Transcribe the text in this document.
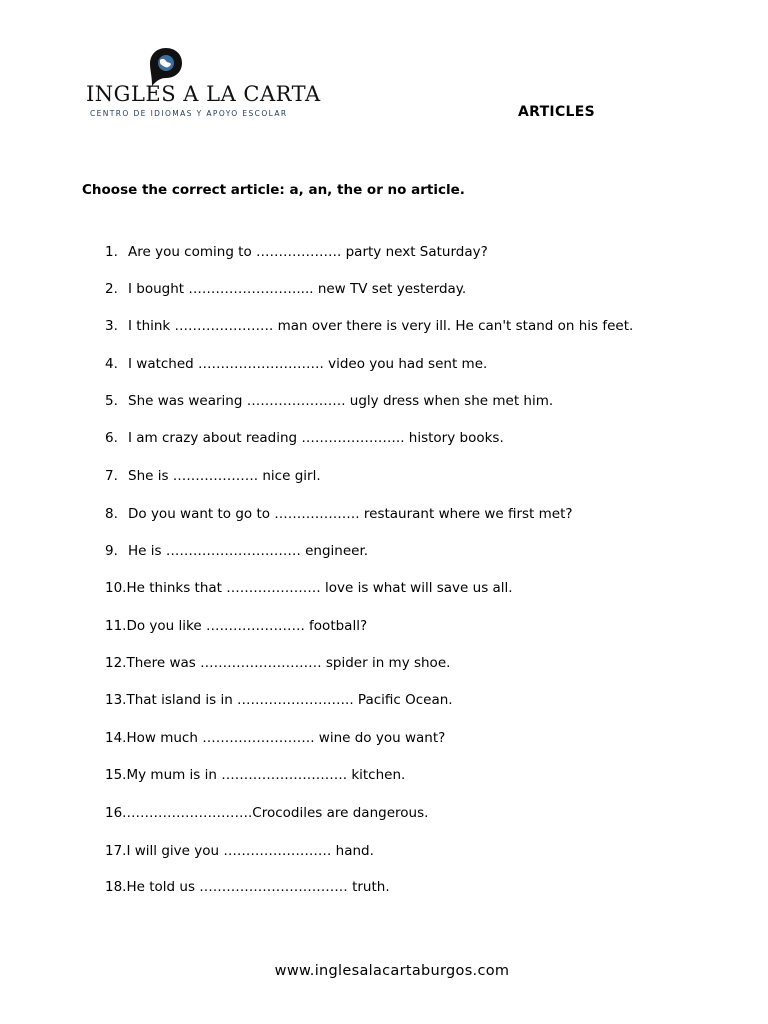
INGLES A LA CARTA
CENTRO DE IDIOMAS Y APOYO ESCOLAR	ARTICLES
Choose the correct article: a, an, the or no article.
1. Are you coming to ………………. party next Saturday?
2. I bought …………………….... new TV set yesterday.
3. I think …………………. man over there is very ill. He can't stand on his feet.
4. I watched ………………………. video you had sent me.
5. She was wearing …………………. ugly dress when she met him.
6. I am crazy about reading ………………….. history books.
7. She is ………………. nice girl.
8. Do you want to go to ………………. restaurant where we first met?
9. He is ………………………… engineer.
10.He thinks that ………………… love is what will save us all.
11.Do you like …………………. football?
12.There was ……………………… spider in my shoe.
13.That island is in …………………….. Pacific Ocean.
14.How much ……………………. wine do you want?
15.My mum is in ………………………. kitchen.
16.……………………….Crocodiles are dangerous.
17.I will give you …………………… hand.
18.He told us …………………………… truth.
www.inglesalacartaburgos.com
